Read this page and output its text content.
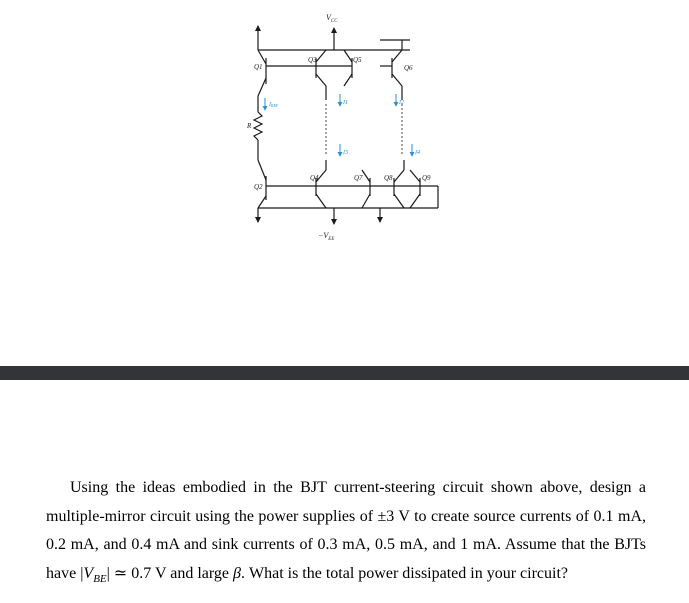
$V_{CC}$
$-V_{EE}$
Q1
Q2
Q3
Q4
Q5
Q6
Q7	Q8	Q9
R
IREF	I1	I2
I3	I4

Using the ideas embodied in the BJT current-steering circuit shown above, design a multiple-mirror circuit using the power supplies of ±3 V to create source currents of 0.1 mA, 0.2 mA, and 0.4 mA and sink currents of 0.3 mA, 0.5 mA, and 1 mA. Assume that the BJTs have $|V_{BE}|$ ≃ 0.7 V and large β. What is the total power dissipated in your circuit?
